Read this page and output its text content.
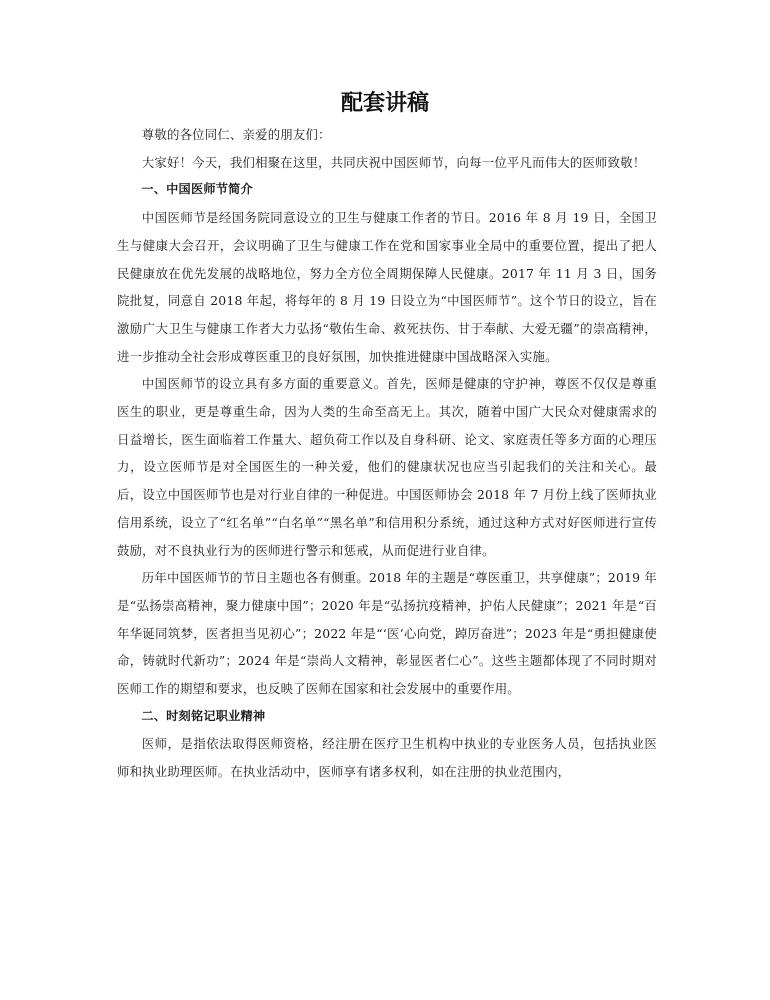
配套讲稿

尊敬的各位同仁、亲爱的朋友们：

大家好！今天，我们相聚在这里，共同庆祝中国医师节，向每一位平凡而伟大的医师致敬！

一、中国医师节简介

中国医师节是经国务院同意设立的卫生与健康工作者的节日。2016 年 8 月 19 日，全国卫生与健康大会召开，会议明确了卫生与健康工作在党和国家事业全局中的重要位置，提出了把人民健康放在优先发展的战略地位，努力全方位全周期保障人民健康。2017 年 11 月 3 日，国务院批复，同意自 2018 年起，将每年的 8 月 19 日设立为“中国医师节”。这个节日的设立，旨在激励广大卫生与健康工作者大力弘扬“敬佑生命、救死扶伤、甘于奉献、大爱无疆”的崇高精神，进一步推动全社会形成尊医重卫的良好氛围，加快推进健康中国战略深入实施。

中国医师节的设立具有多方面的重要意义。首先，医师是健康的守护神，尊医不仅仅是尊重医生的职业，更是尊重生命，因为人类的生命至高无上。其次，随着中国广大民众对健康需求的日益增长，医生面临着工作量大、超负荷工作以及自身科研、论文、家庭责任等多方面的心理压力，设立医师节是对全国医生的一种关爱，他们的健康状况也应当引起我们的关注和关心。最后，设立中国医师节也是对行业自律的一种促进。中国医师协会 2018 年 7 月份上线了医师执业信用系统，设立了“红名单”“白名单”“黑名单”和信用积分系统，通过这种方式对好医师进行宣传鼓励，对不良执业行为的医师进行警示和惩戒，从而促进行业自律。

历年中国医师节的节日主题也各有侧重。2018 年的主题是“尊医重卫，共享健康”；2019 年是“弘扬崇高精神，聚力健康中国”；2020 年是“弘扬抗疫精神，护佑人民健康”；2021 年是“百年华诞同筑梦，医者担当见初心”；2022 年是“‘医’心向党，踔厉奋进”；2023 年是“勇担健康使命，铸就时代新功”；2024 年是“崇尚人文精神，彰显医者仁心”。这些主题都体现了不同时期对医师工作的期望和要求，也反映了医师在国家和社会发展中的重要作用。

二、时刻铭记职业精神

医师，是指依法取得医师资格，经注册在医疗卫生机构中执业的专业医务人员，包括执业医师和执业助理医师。在执业活动中，医师享有诸多权利，如在注册的执业范围内，
